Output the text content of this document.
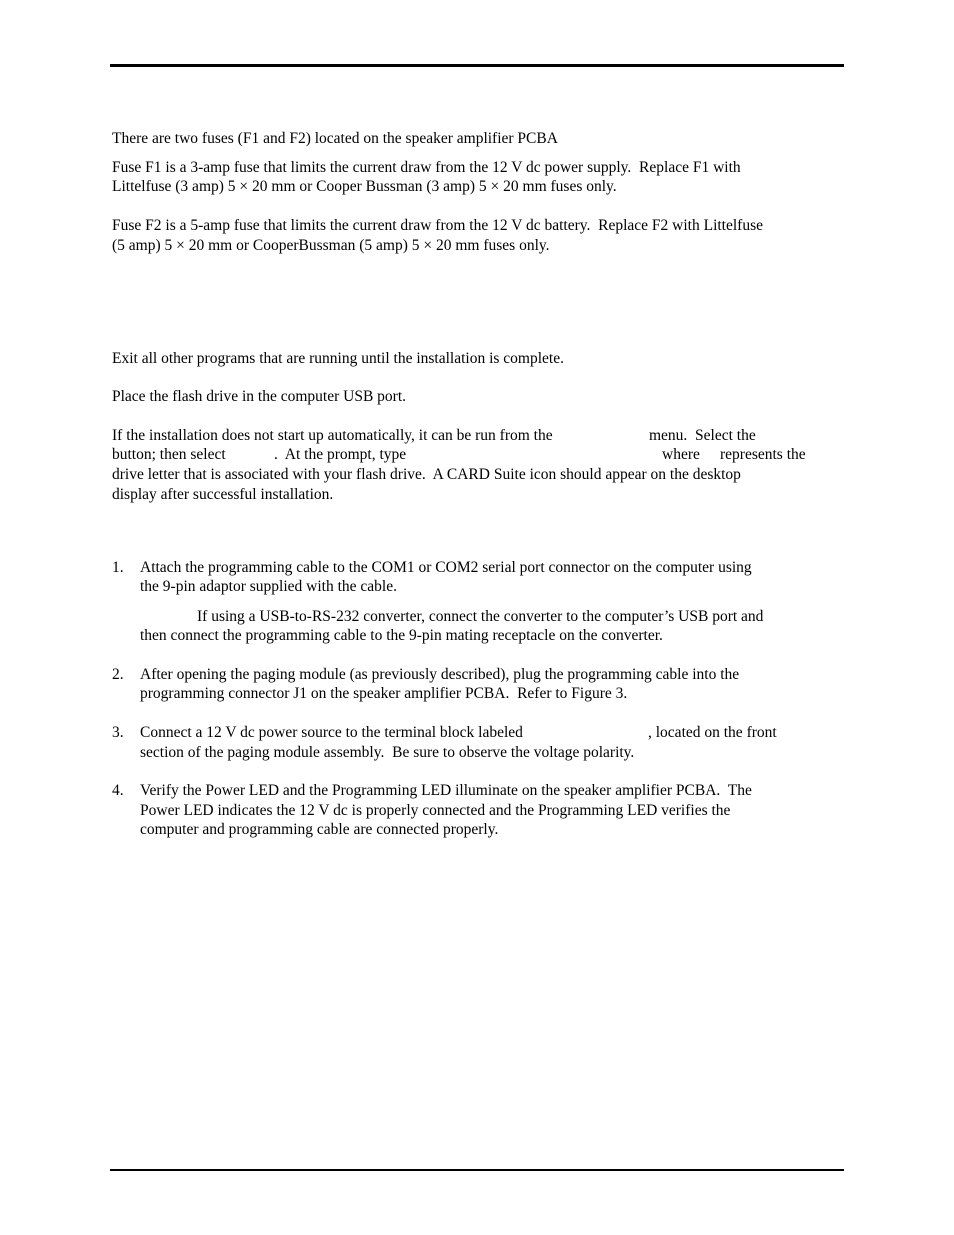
There are two fuses (F1 and F2) located on the speaker amplifier PCBA
Fuse F1 is a 3-amp fuse that limits the current draw from the 12 V dc power supply.  Replace F1 with
Littelfuse (3 amp) 5 × 20 mm or Cooper Bussman (3 amp) 5 × 20 mm fuses only.
Fuse F2 is a 5-amp fuse that limits the current draw from the 12 V dc battery.  Replace F2 with Littelfuse
(5 amp) 5 × 20 mm or CooperBussman (5 amp) 5 × 20 mm fuses only.
Exit all other programs that are running until the installation is complete.
Place the flash drive in the computer USB port.
If the installation does not start up automatically, it can be run from the	menu.  Select the
button; then select	.  At the prompt, type	where represents the
drive letter that is associated with your flash drive.  A CARD Suite icon should appear on the desktop
display after successful installation.
1. Attach the programming cable to the COM1 or COM2 serial port connector on the computer using
the 9-pin adaptor supplied with the cable.
If using a USB-to-RS-232 converter, connect the converter to the computer’s USB port and
then connect the programming cable to the 9-pin mating receptacle on the converter.
2. After opening the paging module (as previously described), plug the programming cable into the
programming connector J1 on the speaker amplifier PCBA.  Refer to Figure 3.
3. Connect a 12 V dc power source to the terminal block labeled	, located on the front
section of the paging module assembly.  Be sure to observe the voltage polarity.
4. Verify the Power LED and the Programming LED illuminate on the speaker amplifier PCBA.  The
Power LED indicates the 12 V dc is properly connected and the Programming LED verifies the
computer and programming cable are connected properly.
